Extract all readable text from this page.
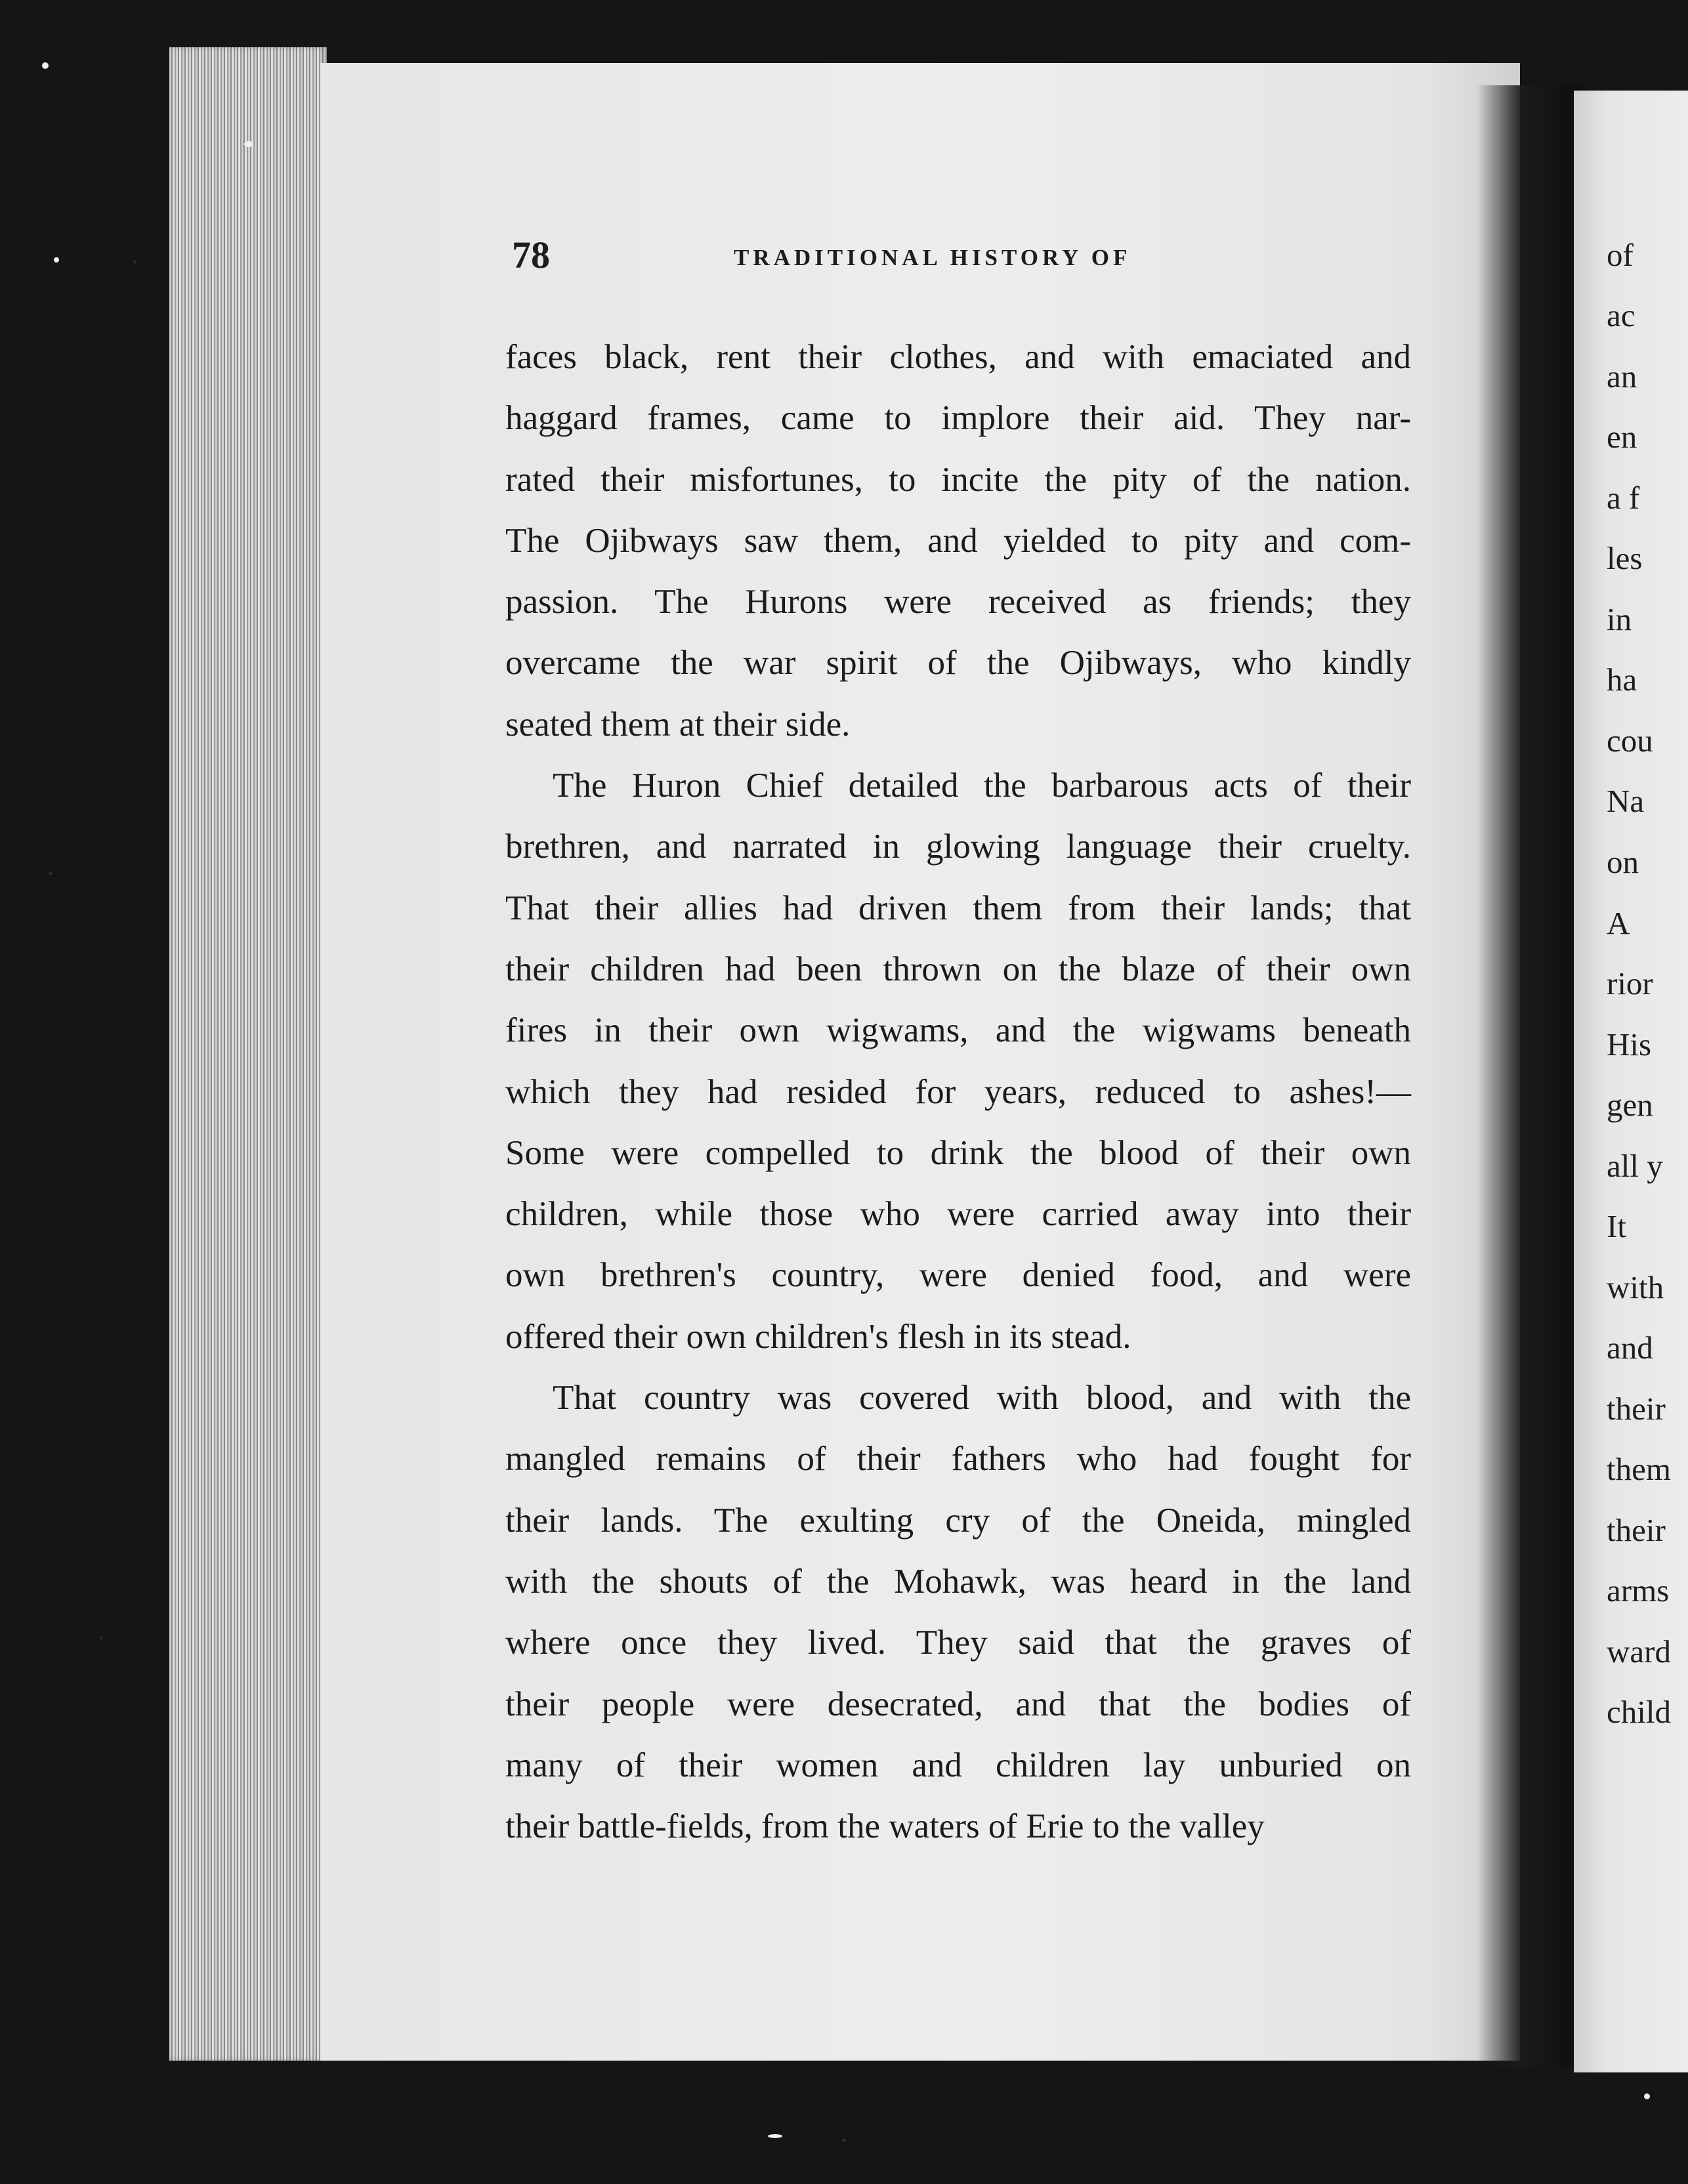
of
ac
an
en
a f
les
in
ha
cou
Na
on
A
rior
His
gen
all y
It
with
and
their
them
their
arms
ward
child
78	TRADITIONAL HISTORY OF
faces black, rent their clothes, and with emaciated and
haggard frames, came to implore their aid. They nar-
rated their misfortunes, to incite the pity of the nation.
The Ojibways saw them, and yielded to pity and com-
passion. The Hurons were received as friends; they
overcame the war spirit of the Ojibways, who kindly
seated them at their side.
The Huron Chief detailed the barbarous acts of their
brethren, and narrated in glowing language their cruelty.
That their allies had driven them from their lands; that
their children had been thrown on the blaze of their own
fires in their own wigwams, and the wigwams beneath
which they had resided for years, reduced to ashes!—
Some were compelled to drink the blood of their own
children, while those who were carried away into their
own brethren's country, were denied food, and were
offered their own children's flesh in its stead.
That country was covered with blood, and with the
mangled remains of their fathers who had fought for
their lands. The exulting cry of the Oneida, mingled
with the shouts of the Mohawk, was heard in the land
where once they lived. They said that the graves of
their people were desecrated, and that the bodies of
many of their women and children lay unburied on
their battle-fields, from the waters of Erie to the valley
